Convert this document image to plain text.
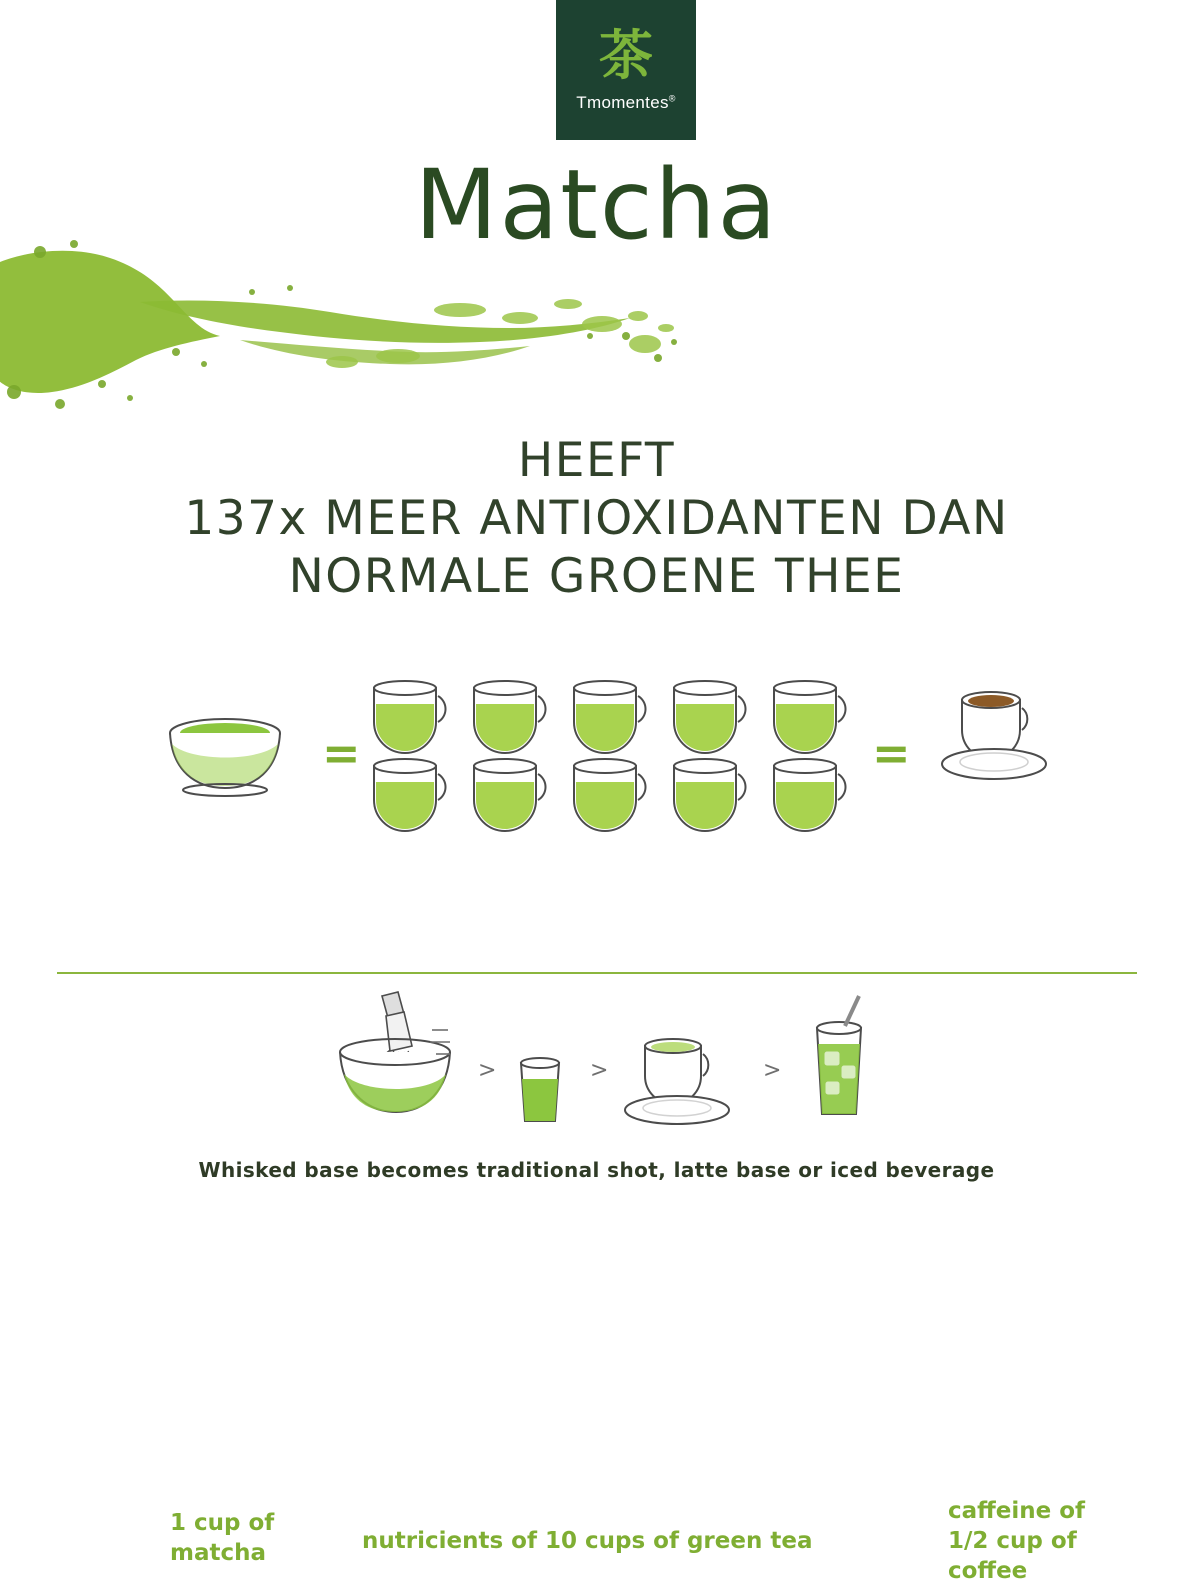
茶
Tmomentes®
Matcha
HEEFT
137x MEER ANTIOXIDANTEN DAN
NORMALE GROENE THEE
=	=
1 cup of
matcha	nutricients of 10 cups of green tea
caffeine of
1/2 cup of
coffee
>	>	>
Whisked base becomes traditional shot, latte base or iced beverage
